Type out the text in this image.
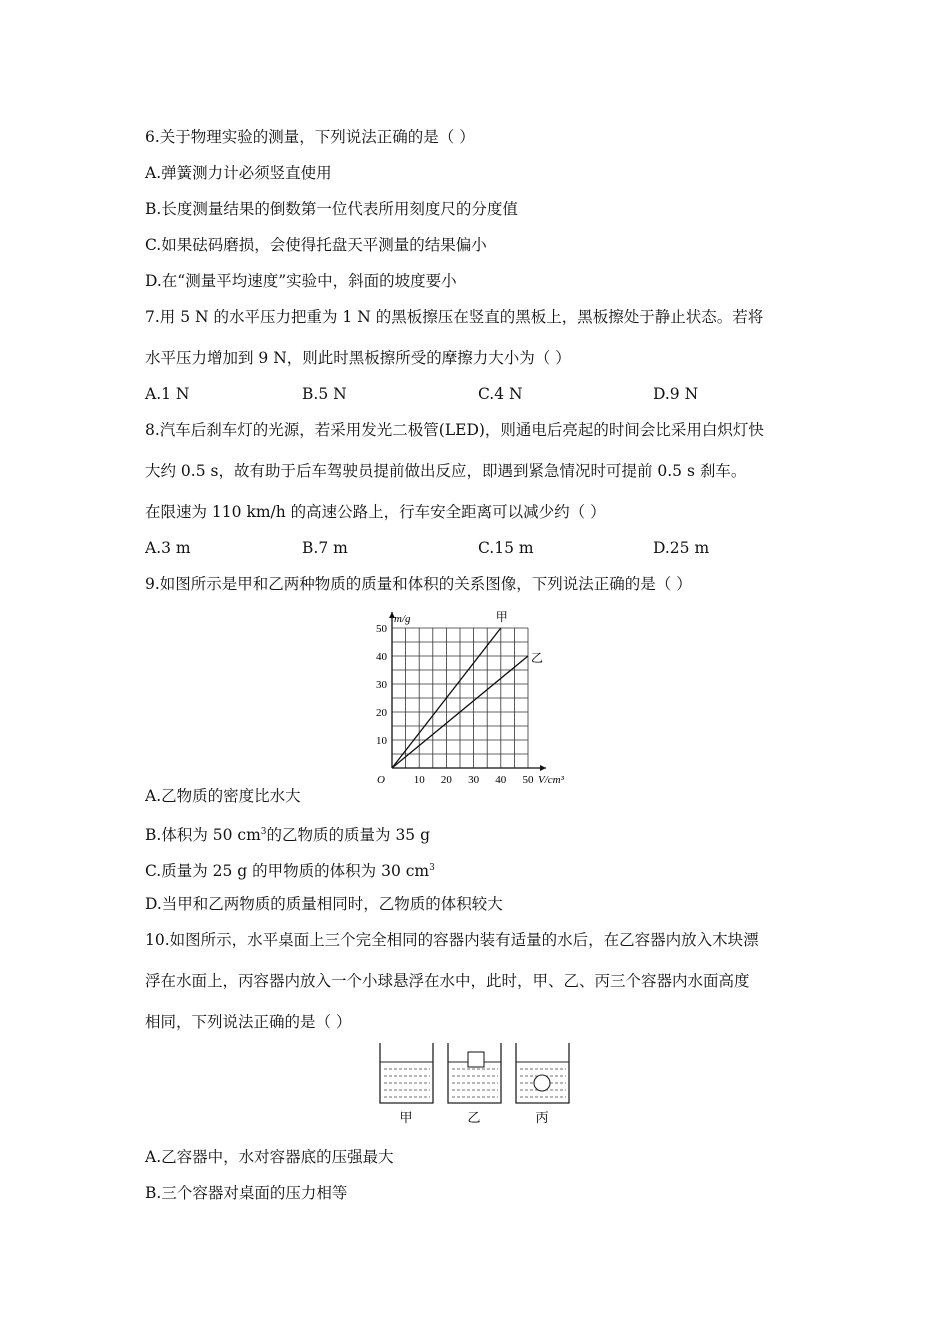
6.关于物理实验的测量，下列说法正确的是（ ）
A.弹簧测力计必须竖直使用
B.长度测量结果的倒数第一位代表所用刻度尺的分度值
C.如果砝码磨损，会使得托盘天平测量的结果偏小
D.在“测量平均速度”实验中，斜面的坡度要小
7.用 5 N 的水平压力把重为 1 N 的黑板擦压在竖直的黑板上，黑板擦处于静止状态。若将
水平压力增加到 9 N，则此时黑板擦所受的摩擦力大小为（ ）
A.1 N	B.5 N	C.4 N	D.9 N
8.汽车后刹车灯的光源，若采用发光二极管(LED)，则通电后亮起的时间会比采用白炽灯快
大约 0.5 s，故有助于后车驾驶员提前做出反应，即遇到紧急情况时可提前 0.5 s 刹车。
在限速为 110 km/h 的高速公路上，行车安全距离可以减少约（ ）
A.3 m	B.7 m	C.15 m	D.25 m
9.如图所示是甲和乙两种物质的质量和体积的关系图像，下列说法正确的是（ ）
10 20 30 40 50
10
20
30
40
50
O	V/cm³
m/g	甲
乙
A.乙物质的密度比水大
B.体积为 50 $cm^3$的乙物质的质量为 35 g
C.质量为 25 g 的甲物质的体积为 30 $cm^3$
D.当甲和乙两物质的质量相同时，乙物质的体积较大
10.如图所示，水平桌面上三个完全相同的容器内装有适量的水后，在乙容器内放入木块漂
浮在水面上，丙容器内放入一个小球悬浮在水中，此时，甲、乙、丙三个容器内水面高度
相同，下列说法正确的是（ ）
甲	乙	丙
A.乙容器中，水对容器底的压强最大
B.三个容器对桌面的压力相等
